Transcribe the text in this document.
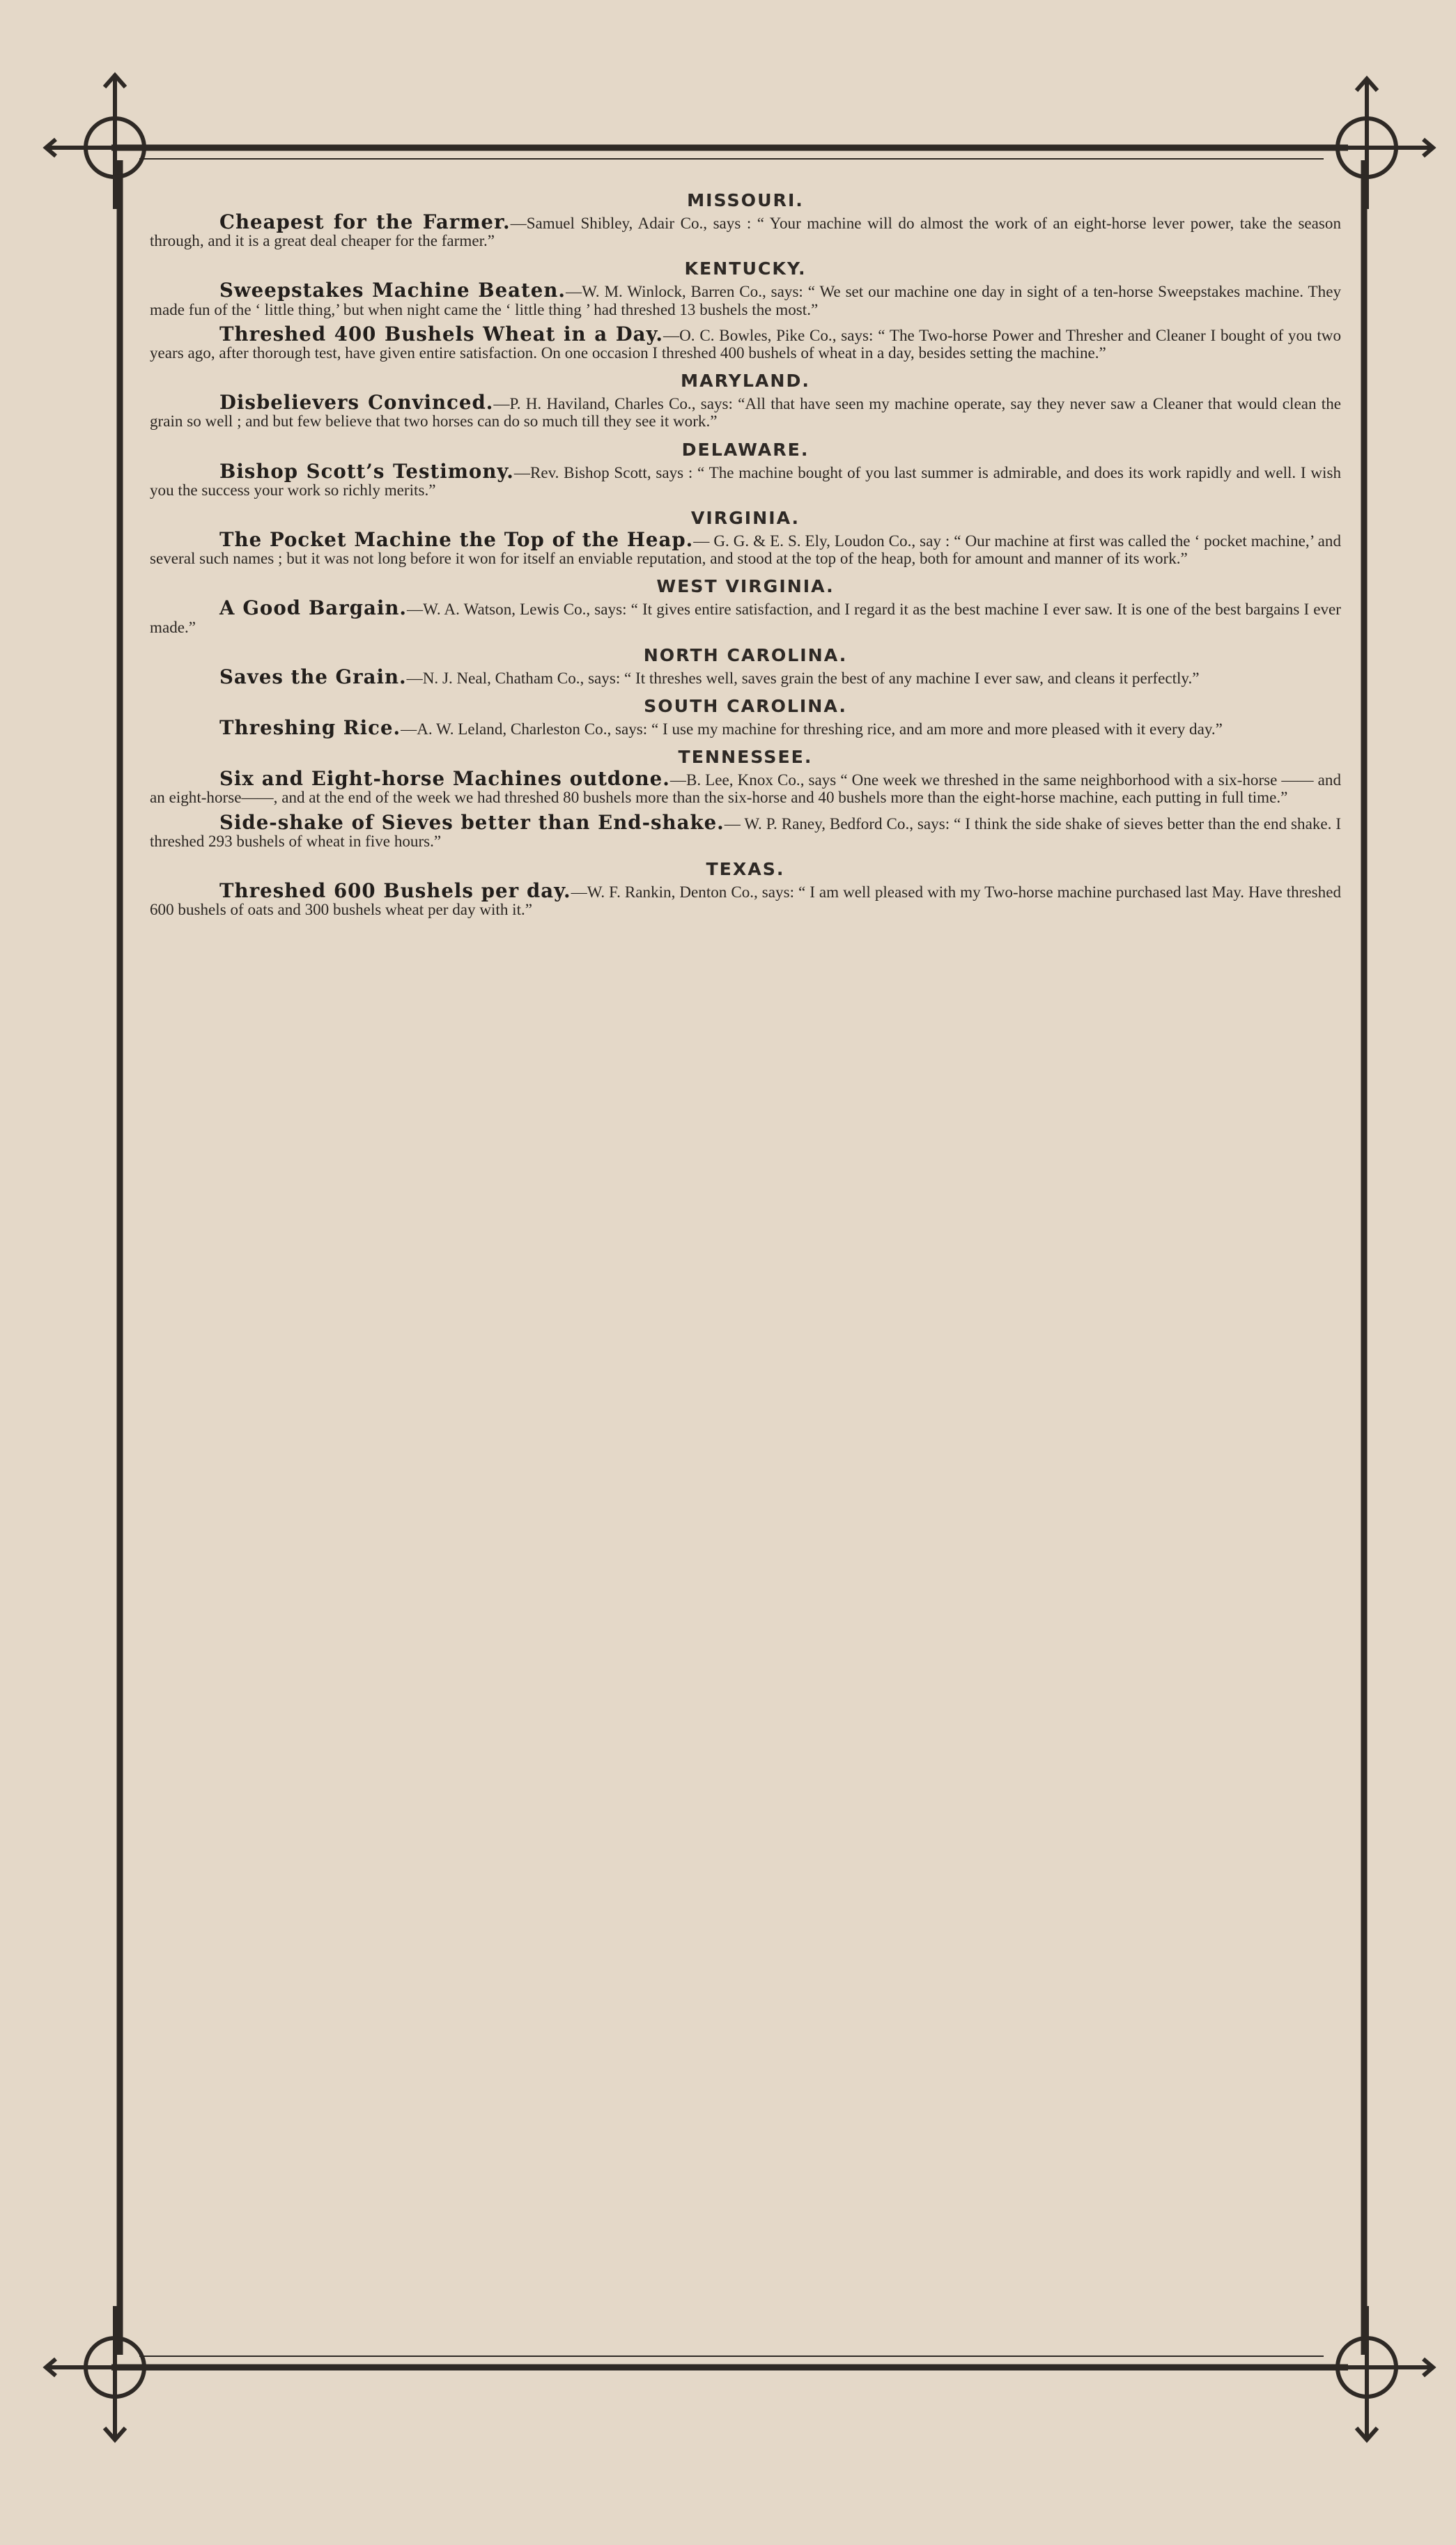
MISSOURI.

Cheapest for the Farmer.—Samuel Shibley, Adair Co., says : “ Your machine will do almost the work of an eight-horse lever power, take the season through, and it is a great deal cheaper for the farmer.”

KENTUCKY.

Sweepstakes Machine Beaten.—W. M. Winlock, Barren Co., says: “ We set our machine one day in sight of a ten-horse Sweepstakes machine. They made fun of the ‘ little thing,’ but when night came the ‘ little thing ’ had threshed 13 bushels the most.”

Threshed 400 Bushels Wheat in a Day.—O. C. Bowles, Pike Co., says: “ The Two-horse Power and Thresher and Cleaner I bought of you two years ago, after thorough test, have given entire satisfaction. On one occasion I threshed 400 bushels of wheat in a day, besides setting the machine.”

MARYLAND.

Disbelievers Convinced.—P. H. Haviland, Charles Co., says: “All that have seen my machine operate, say they never saw a Cleaner that would clean the grain so well ; and but few believe that two horses can do so much till they see it work.”

DELAWARE.

Bishop Scott’s Testimony.—Rev. Bishop Scott, says : “ The machine bought of you last summer is admirable, and does its work rapidly and well. I wish you the success your work so richly merits.”

VIRGINIA.

The Pocket Machine the Top of the Heap.— G. G. & E. S. Ely, Loudon Co., say : “ Our machine at first was called the ‘ pocket machine,’ and several such names ; but it was not long before it won for itself an enviable reputation, and stood at the top of the heap, both for amount and manner of its work.”

WEST VIRGINIA.

A Good Bargain.—W. A. Watson, Lewis Co., says: “ It gives entire satisfaction, and I regard it as the best machine I ever saw. It is one of the best bargains I ever made.”

NORTH CAROLINA.

Saves the Grain.—N. J. Neal, Chatham Co., says: “ It threshes well, saves grain the best of any machine I ever saw, and cleans it perfectly.”

SOUTH CAROLINA.

Threshing Rice.—A. W. Leland, Charleston Co., says: “ I use my machine for threshing rice, and am more and more pleased with it every day.”

TENNESSEE.

Six and Eight-horse Machines outdone.—B. Lee, Knox Co., says “ One week we threshed in the same neighborhood with a six-horse —— and an eight-horse——, and at the end of the week we had threshed 80 bushels more than the six-horse and 40 bushels more than the eight-horse machine, each putting in full time.”

Side-shake of Sieves better than End-shake.— W. P. Raney, Bedford Co., says: “ I think the side shake of sieves better than the end shake. I threshed 293 bushels of wheat in five hours.”

TEXAS.

Threshed 600 Bushels per day.—W. F. Rankin, Denton Co., says: “ I am well pleased with my Two-horse machine purchased last May. Have threshed 600 bushels of oats and 300 bushels wheat per day with it.”
